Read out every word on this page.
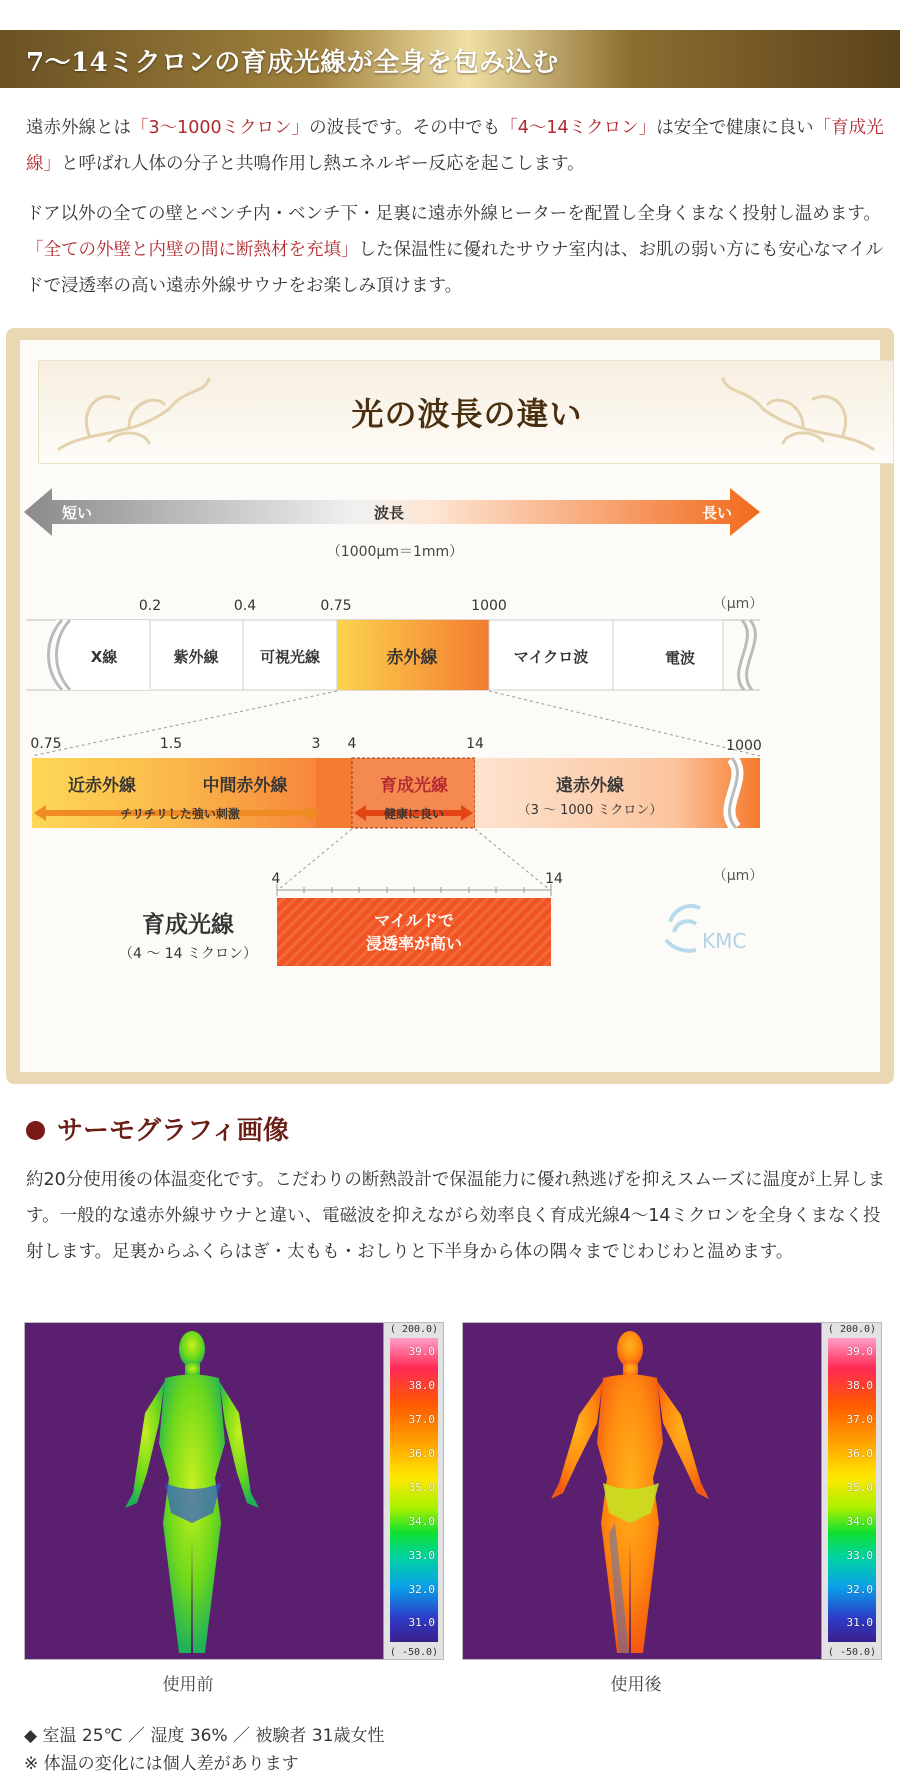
7〜14ミクロンの育成光線が全身を包み込む

遠赤外線とは「3〜1000ミクロン」の波長です。その中でも「4〜14ミクロン」は安全で健康に良い「育成光線」と呼ばれ人体の分子と共鳴作用し熱エネルギー反応を起こします。

ドア以外の全ての壁とベンチ内・ベンチ下・足裏に遠赤外線ヒーターを配置し全身くまなく投射し温めます。「全ての外壁と内壁の間に断熱材を充填」した保温性に優れたサウナ室内は、お肌の弱い方にも安心なマイルドで浸透率の高い遠赤外線サウナをお楽しみ頂けます。

光の波長の違い
短い	波長	長い
（1000μm＝1mm）
0.2	0.4	0.75	1000	（μm）
X線	紫外線	可視光線	赤外線	マイクロ波	電波
0.75	1.5	3 4	14	1000
近赤外線	中間赤外線	育成光線	遠赤外線
（3 〜 1000 ミクロン）
チリチリした強い刺激	健康に良い
（μm）
4	14
マイルドで
浸透率が高い
育成光線
（4 〜 14 ミクロン）
KMC
サーモグラフィ画像

約20分使用後の体温変化です。こだわりの断熱設計で保温能力に優れ熱逃げを抑えスムーズに温度が上昇します。一般的な遠赤外線サウナと違い、電磁波を抑えながら効率良く育成光線4〜14ミクロンを全身くまなく投射します。足裏からふくらはぎ・太もも・おしりと下半身から体の隅々までじわじわと温めます。

( 200.0)
39.0
38.0
37.0
36.0
35.0
34.0
33.0
32.0
31.0
( -50.0)
( 200.0)
39.0
38.0
37.0
36.0
35.0
34.0
33.0
32.0
31.0
( -50.0)
使用前	使用後
◆ 室温 25℃ ／ 湿度 36% ／ 被験者 31歳女性
※ 体温の変化には個人差があります
